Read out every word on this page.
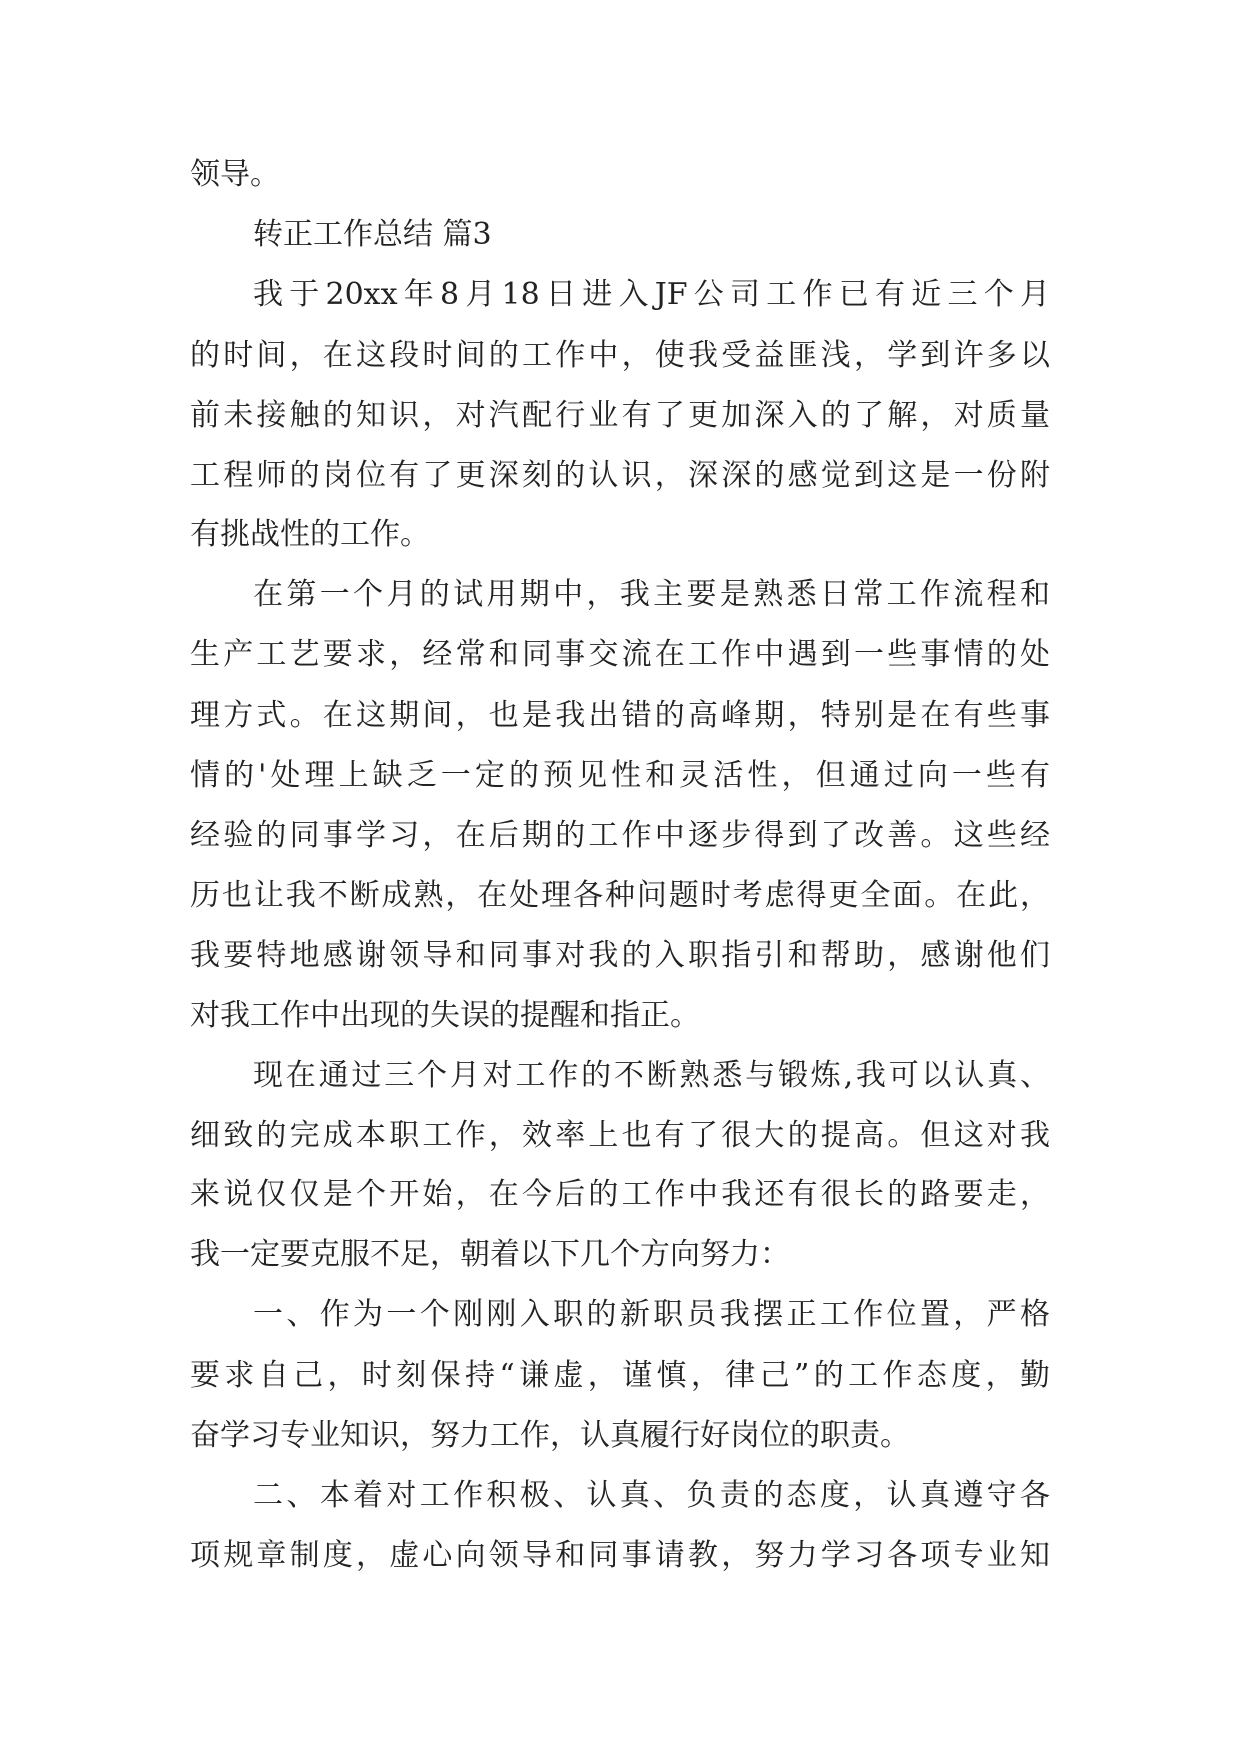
领导。
转正工作总结 篇3
我于20xx年8月18日进入JF公司工作已有近三个月
的时间，在这段时间的工作中，使我受益匪浅，学到许多以
前未接触的知识，对汽配行业有了更加深入的了解，对质量
工程师的岗位有了更深刻的认识，深深的感觉到这是一份附
有挑战性的工作。
在第一个月的试用期中，我主要是熟悉日常工作流程和
生产工艺要求，经常和同事交流在工作中遇到一些事情的处
理方式。在这期间，也是我出错的高峰期，特别是在有些事
情的'处理上缺乏一定的预见性和灵活性，但通过向一些有
经验的同事学习，在后期的工作中逐步得到了改善。这些经
历也让我不断成熟，在处理各种问题时考虑得更全面。在此，
我要特地感谢领导和同事对我的入职指引和帮助，感谢他们
对我工作中出现的失误的提醒和指正。
现在通过三个月对工作的不断熟悉与锻炼,我可以认真、
细致的完成本职工作，效率上也有了很大的提高。但这对我
来说仅仅是个开始，在今后的工作中我还有很长的路要走，
我一定要克服不足，朝着以下几个方向努力：
一、作为一个刚刚入职的新职员我摆正工作位置，严格
要求自己，时刻保持“谦虚，谨慎，律己”的工作态度，勤
奋学习专业知识，努力工作，认真履行好岗位的职责。
二、本着对工作积极、认真、负责的态度，认真遵守各
项规章制度，虚心向领导和同事请教，努力学习各项专业知
